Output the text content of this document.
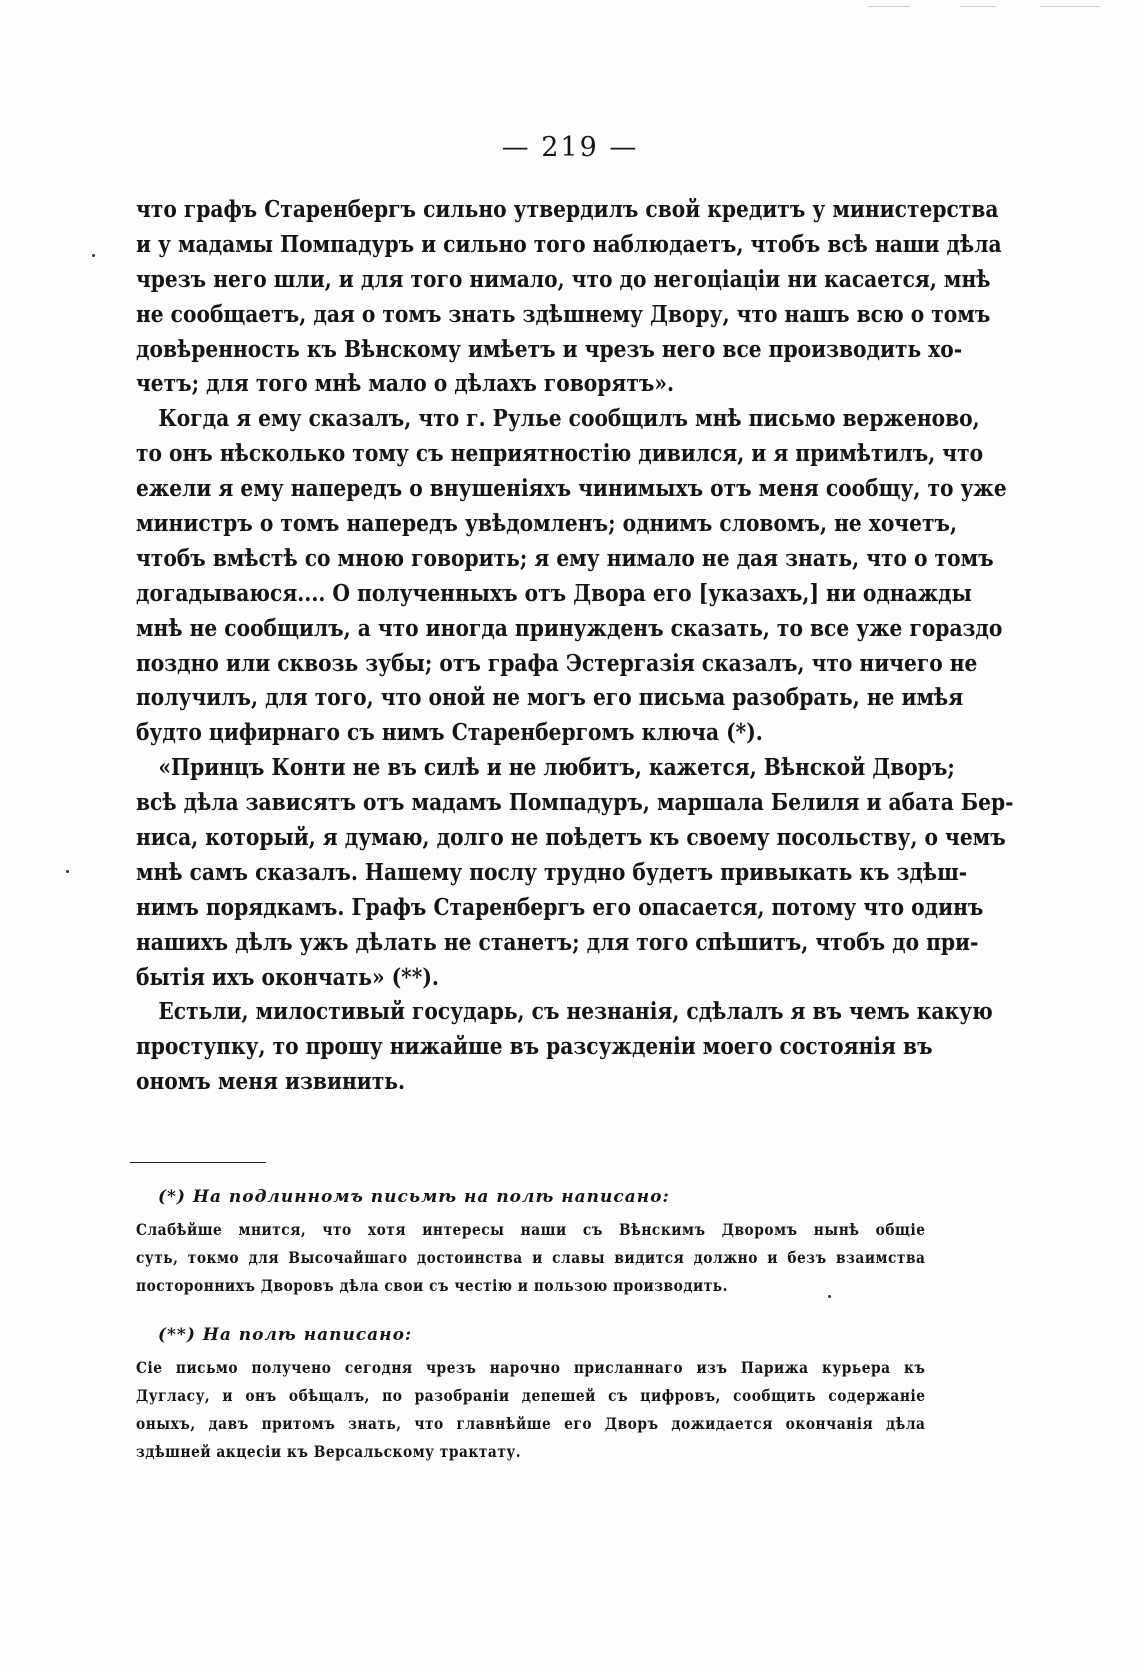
— 219 —
что графъ Старенбергъ сильно утвердилъ свой кредитъ у министерства
и у мадамы Помпадуръ и сильно того наблюдаетъ, чтобъ всѣ наши дѣла
чрезъ него шли, и для того нимало, что до негоціаціи ни касается, мнѣ
не сообщаетъ, дая о томъ знать здѣшнему Двору, что нашъ всю о томъ
довѣренность къ Вѣнскому имѣетъ и чрезъ него все производить хо-
четъ; для того мнѣ мало о дѣлахъ говорятъ».
Когда я ему сказалъ, что г. Рулье сообщилъ мнѣ письмо верженово,
то онъ нѣсколько тому съ неприятностію дивился, и я примѣтилъ, что
ежели я ему напередъ о внушеніяхъ чинимыхъ отъ меня сообщу, то уже
министръ о томъ напередъ увѣдомленъ; однимъ словомъ, не хочетъ,
чтобъ вмѣстѣ со мною говорить; я ему нимало не дая знать, что о томъ
догадываюся.... О полученныхъ отъ Двора его [указахъ,] ни однажды
мнѣ не сообщилъ, а что иногда принужденъ сказать, то все уже гораздо
поздно или сквозь зубы; отъ графа Эстергазія сказалъ, что ничего не
получилъ, для того, что оной не могъ его письма разобрать, не имѣя
будто цифирнаго съ нимъ Старенбергомъ ключа (*).
«Принцъ Конти не въ силѣ и не любитъ, кажется, Вѣнской Дворъ;
всѣ дѣла зависятъ отъ мадамъ Помпадуръ, маршала Белиля и абата Бер-
ниса, который, я думаю, долго не поѣдетъ къ своему посольству, о чемъ
мнѣ самъ сказалъ. Нашему послу трудно будетъ привыкать къ здѣш-
нимъ порядкамъ. Графъ Старенбергъ его опасается, потому что одинъ
нашихъ дѣлъ ужъ дѣлать не станетъ; для того спѣшитъ, чтобъ до при-
бытія ихъ окончать» (**).
Естьли, милостивый государь, съ незнанія, сдѣлалъ я въ чемъ какую
проступку, то прошу нижайше въ разсужденіи моего состоянія въ
ономъ меня извинить.
(*) На подлинномъ письмѣ на полѣ написано:
Слабѣйше мнится, что хотя интересы наши съ Вѣнскимъ Дворомъ нынѣ общіе
суть, токмо для Высочайшаго достоинства и славы видится должно и безъ взаимства
постороннихъ Дворовъ дѣла свои съ честію и пользою производить.
(**) На полѣ написано:
Сіе письмо получено сегодня чрезъ нарочно присланнаго изъ Парижа курьера къ
Дугласу, и онъ обѣщалъ, по разобраніи депешей съ цифровъ, сообщить содержаніе
оныхъ, давъ притомъ знать, что главнѣйше его Дворъ дожидается окончанія дѣла
здѣшней акцесіи къ Версальскому трактату.
